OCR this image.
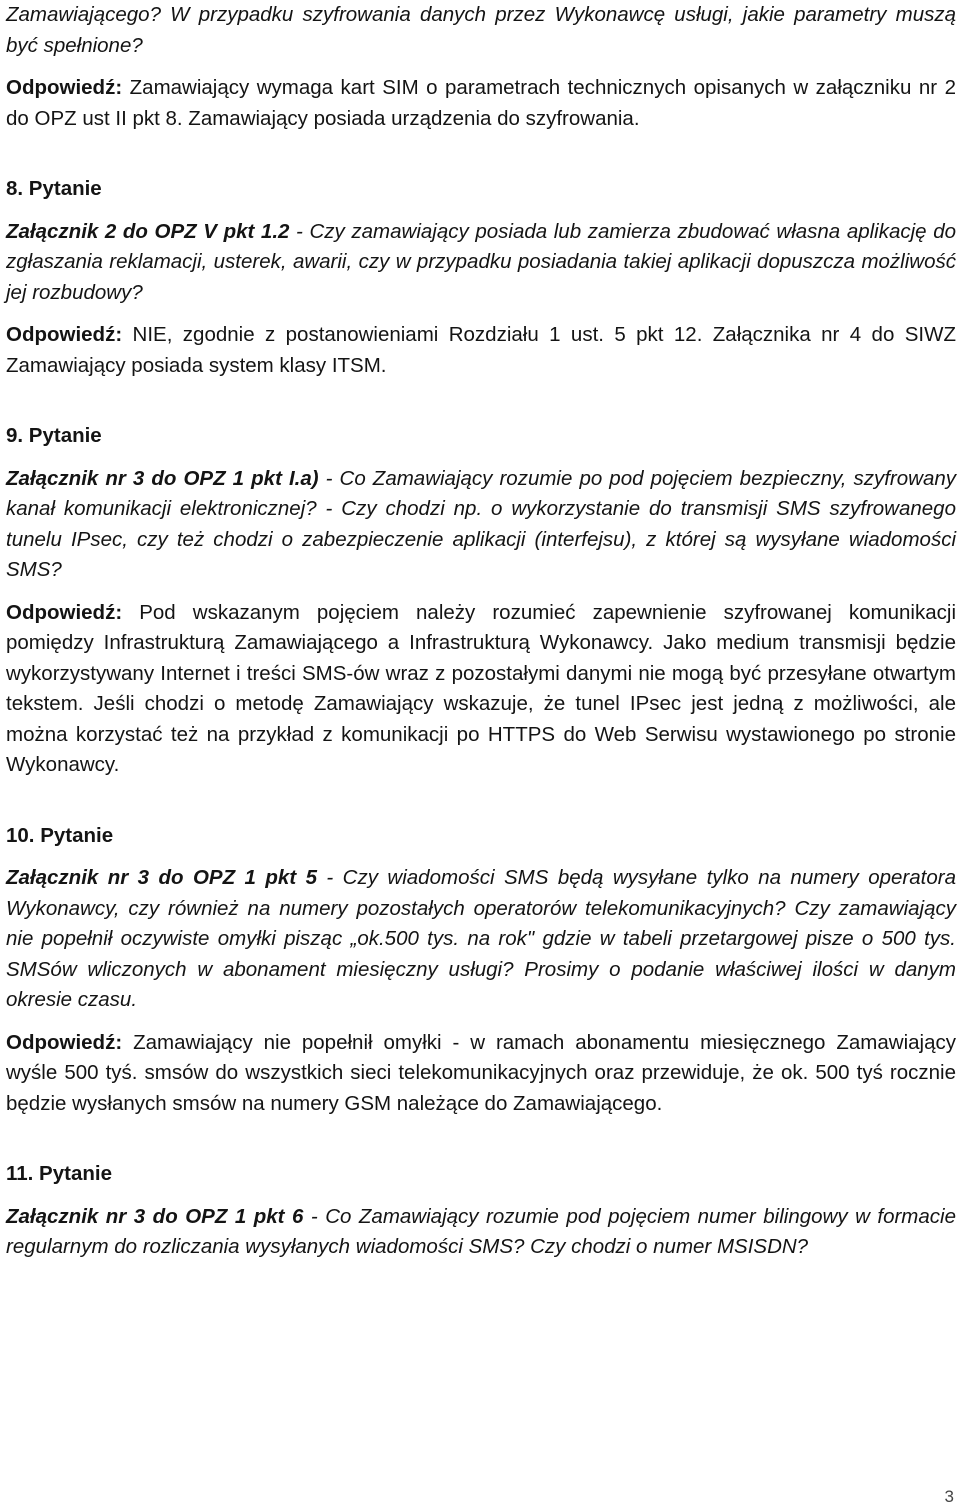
Zamawiającego? W przypadku szyfrowania danych przez Wykonawcę usługi, jakie parametry muszą być spełnione?

Odpowiedź: Zamawiający wymaga kart SIM o parametrach technicznych opisanych w załączniku nr 2 do OPZ ust II pkt 8. Zamawiający posiada urządzenia do szyfrowania.

8. Pytanie

Załącznik 2 do OPZ V pkt 1.2 - Czy zamawiający posiada lub zamierza zbudować własna aplikację do zgłaszania reklamacji, usterek, awarii, czy w przypadku posiadania takiej aplikacji dopuszcza możliwość jej rozbudowy?

Odpowiedź: NIE, zgodnie z postanowieniami Rozdziału 1 ust. 5 pkt 12. Załącznika nr 4 do SIWZ Zamawiający posiada system klasy ITSM.

9. Pytanie

Załącznik nr 3 do OPZ 1 pkt I.a) - Co Zamawiający rozumie po pod pojęciem bezpieczny, szyfrowany kanał komunikacji elektronicznej? - Czy chodzi np. o wykorzystanie do transmisji SMS szyfrowanego tunelu IPsec, czy też chodzi o zabezpieczenie aplikacji (interfejsu), z której są wysyłane wiadomości SMS?

Odpowiedź: Pod wskazanym pojęciem należy rozumieć zapewnienie szyfrowanej komunikacji pomiędzy Infrastrukturą Zamawiającego a Infrastrukturą Wykonawcy. Jako medium transmisji będzie wykorzystywany Internet i treści SMS-ów wraz z pozostałymi danymi nie mogą być przesyłane otwartym tekstem. Jeśli chodzi o metodę Zamawiający wskazuje, że tunel IPsec jest jedną z możliwości, ale można korzystać też na przykład z komunikacji po HTTPS do Web Serwisu wystawionego po stronie Wykonawcy.

10. Pytanie

Załącznik nr 3 do OPZ 1 pkt 5 - Czy wiadomości SMS będą wysyłane tylko na numery operatora Wykonawcy, czy również na numery pozostałych operatorów telekomunikacyjnych? Czy zamawiający nie popełnił oczywiste omyłki pisząc „ok.500 tys. na rok" gdzie w tabeli przetargowej pisze o 500 tys. SMSów wliczonych w abonament miesięczny usługi? Prosimy o podanie właściwej ilości w danym okresie czasu.

Odpowiedź: Zamawiający nie popełnił omyłki - w ramach abonamentu miesięcznego Zamawiający wyśle 500 tyś. smsów do wszystkich sieci telekomunikacyjnych oraz przewiduje, że ok. 500 tyś rocznie będzie wysłanych smsów na numery GSM należące do Zamawiającego.

11. Pytanie

Załącznik nr 3 do OPZ 1 pkt 6 - Co Zamawiający rozumie pod pojęciem numer bilingowy w formacie regularnym do rozliczania wysyłanych wiadomości SMS? Czy chodzi o numer MSISDN?

3
